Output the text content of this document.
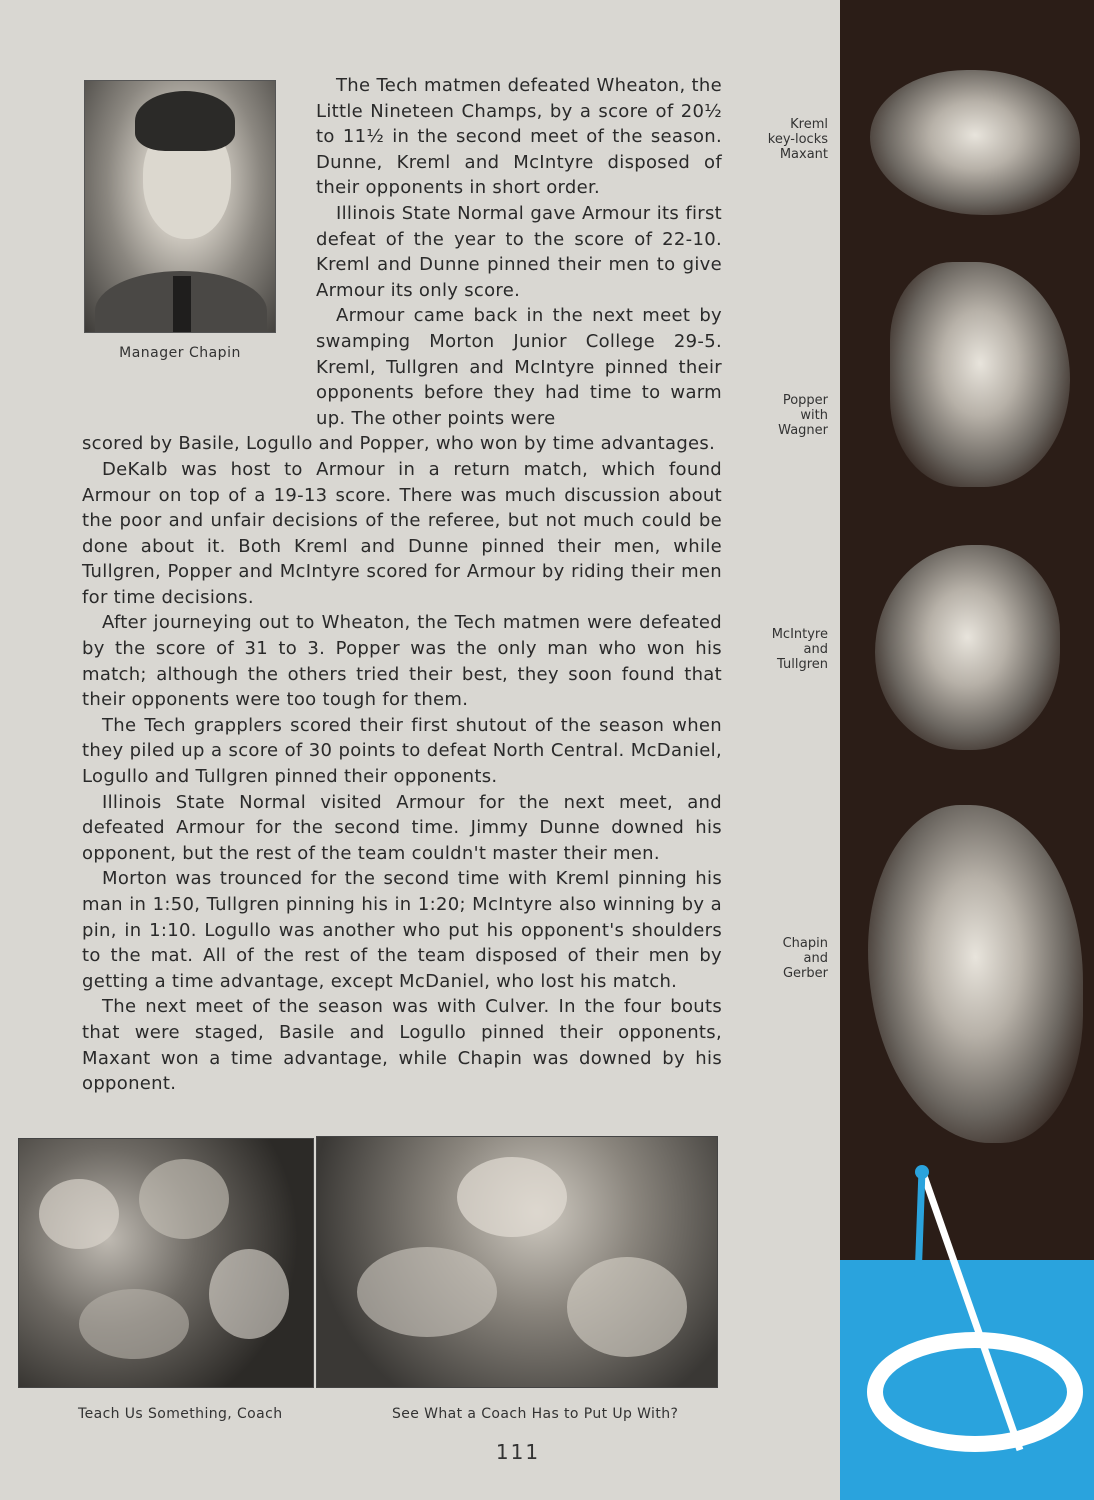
Manager Chapin

The Tech matmen defeated Wheaton, the Little Nineteen Champs, by a score of 20½ to 11½ in the second meet of the season. Dunne, Kreml and McIntyre disposed of their opponents in short order.

Illinois State Normal gave Armour its first defeat of the year to the score of 22-10. Kreml and Dunne pinned their men to give Armour its only score.

Armour came back in the next meet by swamping Morton Junior College 29-5. Kreml, Tullgren and McIntyre pinned their opponents before they had time to warm up. The other points were

scored by Basile, Logullo and Popper, who won by time advantages.

DeKalb was host to Armour in a return match, which found Armour on top of a 19-13 score. There was much discussion about the poor and unfair decisions of the referee, but not much could be done about it. Both Kreml and Dunne pinned their men, while Tullgren, Popper and McIntyre scored for Armour by riding their men for time decisions.

After journeying out to Wheaton, the Tech matmen were defeated by the score of 31 to 3. Popper was the only man who won his match; although the others tried their best, they soon found that their opponents were too tough for them.

The Tech grapplers scored their first shutout of the season when they piled up a score of 30 points to defeat North Central. McDaniel, Logullo and Tullgren pinned their opponents.

Illinois State Normal visited Armour for the next meet, and defeated Armour for the second time. Jimmy Dunne downed his opponent, but the rest of the team couldn't master their men.

Morton was trounced for the second time with Kreml pinning his man in 1:50, Tullgren pinning his in 1:20; McIntyre also winning by a pin, in 1:10. Logullo was another who put his opponent's shoulders to the mat. All of the rest of the team disposed of their men by getting a time advantage, except McDaniel, who lost his match.

The next meet of the season was with Culver. In the four bouts that were staged, Basile and Logullo pinned their opponents, Maxant won a time advantage, while Chapin was downed by his opponent.

Teach Us Something, Coach	See What a Coach Has to Put Up With?
111
Kreml
key-locks
Maxant
Popper
with
Wagner
McIntyre
and
Tullgren
Chapin
and
Gerber
